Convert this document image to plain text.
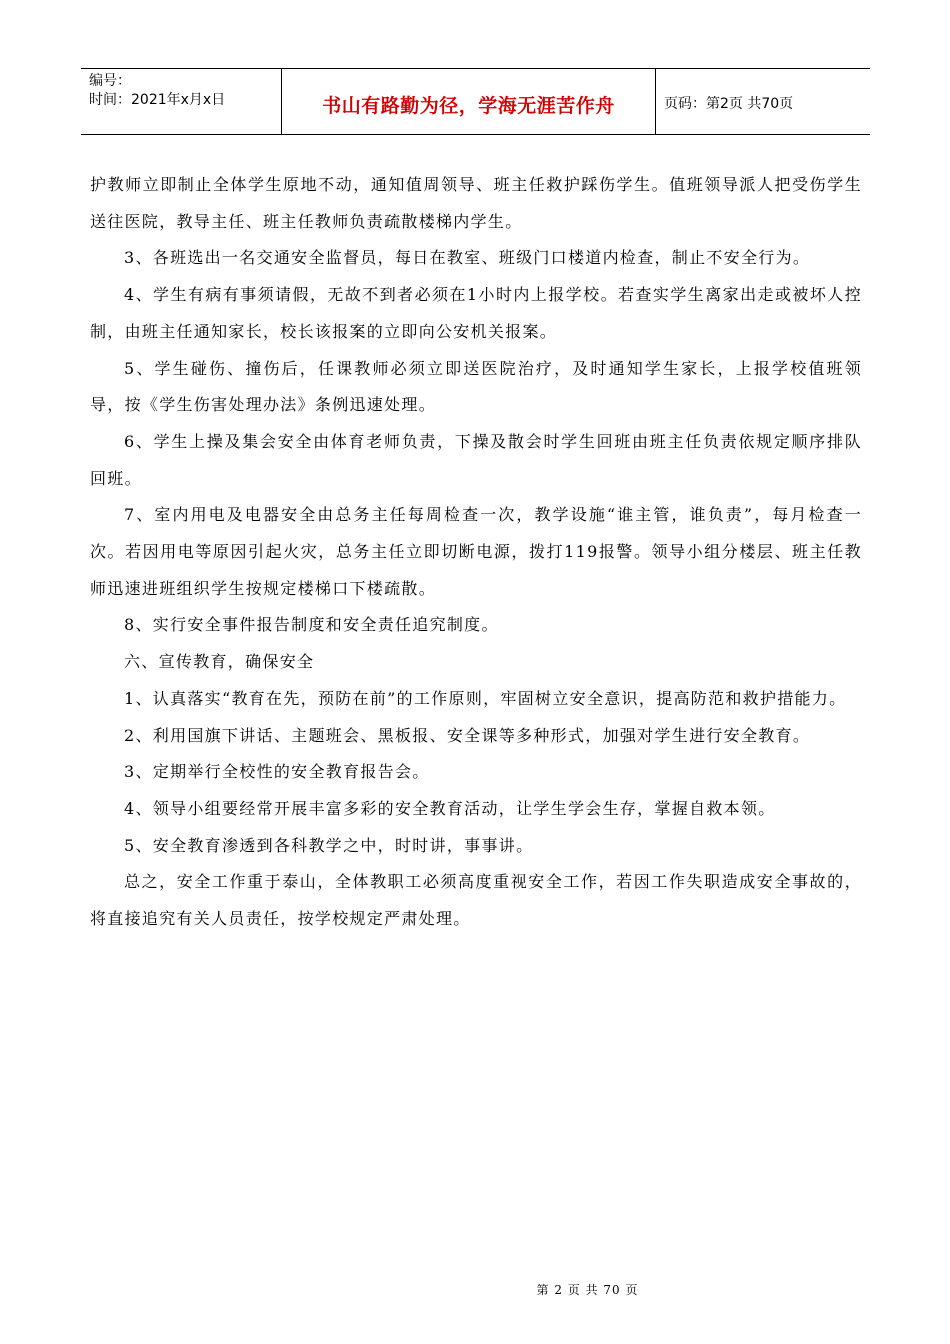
编号：
时间：2021年x月x日	书山有路勤为径，学海无涯苦作舟	页码：第2页 共70页

护教师立即制止全体学生原地不动，通知值周领导、班主任救护踩伤学生。值班领导派人把受伤学生送往医院，教导主任、班主任教师负责疏散楼梯内学生。

3、各班选出一名交通安全监督员，每日在教室、班级门口楼道内检查，制止不安全行为。

4、学生有病有事须请假，无故不到者必须在1小时内上报学校。若查实学生离家出走或被坏人控制，由班主任通知家长，校长该报案的立即向公安机关报案。

5、学生碰伤、撞伤后，任课教师必须立即送医院治疗，及时通知学生家长，上报学校值班领导，按《学生伤害处理办法》条例迅速处理。

6、学生上操及集会安全由体育老师负责，下操及散会时学生回班由班主任负责依规定顺序排队回班。

7、室内用电及电器安全由总务主任每周检查一次，教学设施“谁主管，谁负责”，每月检查一次。若因用电等原因引起火灾，总务主任立即切断电源，拨打119报警。领导小组分楼层、班主任教师迅速进班组织学生按规定楼梯口下楼疏散。

8、实行安全事件报告制度和安全责任追究制度。

六、宣传教育，确保安全

1、认真落实“教育在先，预防在前”的工作原则，牢固树立安全意识，提高防范和救护措能力。

2、利用国旗下讲话、主题班会、黑板报、安全课等多种形式，加强对学生进行安全教育。

3、定期举行全校性的安全教育报告会。

4、领导小组要经常开展丰富多彩的安全教育活动，让学生学会生存，掌握自救本领。

5、安全教育渗透到各科教学之中，时时讲，事事讲。

总之，安全工作重于泰山，全体教职工必须高度重视安全工作，若因工作失职造成安全事故的，将直接追究有关人员责任，按学校规定严肃处理。

第 2 页 共 70 页
